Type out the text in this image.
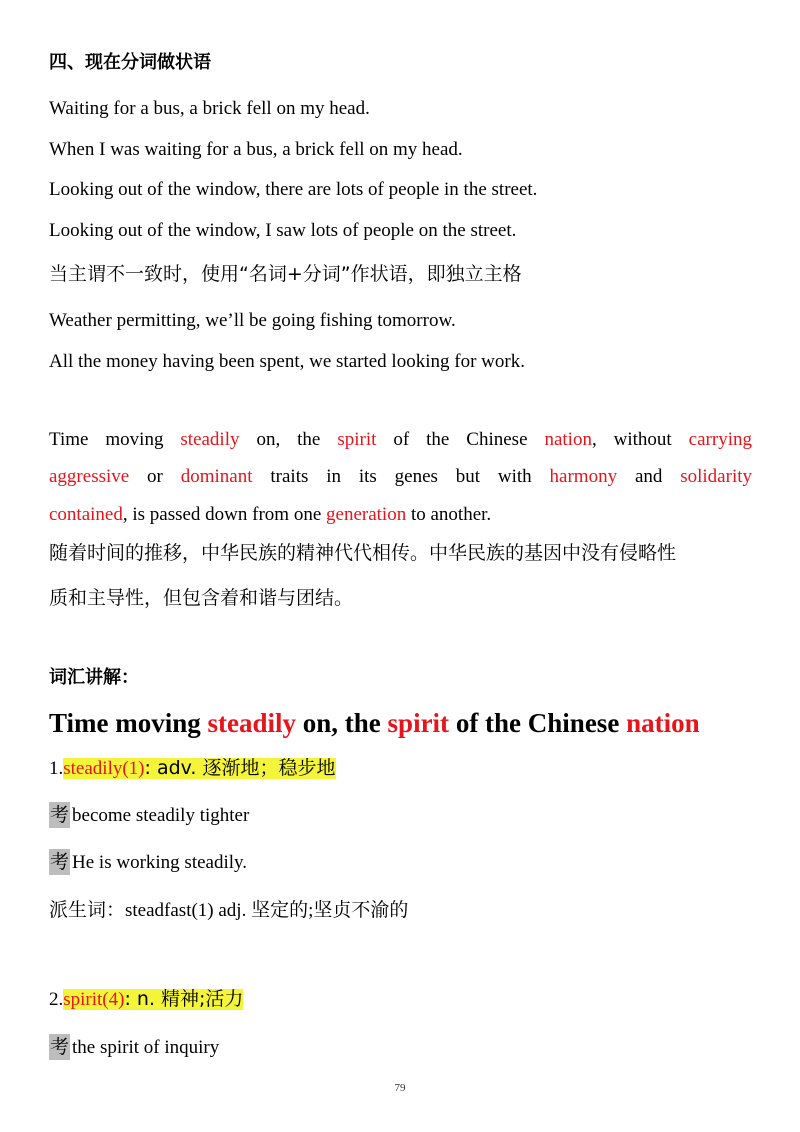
四、现在分词做状语
Waiting for a bus, a brick fell on my head.
When I was waiting for a bus, a brick fell on my head.
Looking out of the window, there are lots of people in the street.
Looking out of the window, I saw lots of people on the street.
当主谓不一致时，使用“名词+分词”作状语，即独立主格
Weather permitting, we’ll be going fishing tomorrow.
All the money having been spent, we started looking for work.
Time moving steadily on, the spirit of the Chinese nation, without carrying
aggressive or dominant traits in its genes but with harmony and solidarity
contained, is passed down from one generation to another.
随着时间的推移，中华民族的精神代代相传。中华民族的基因中没有侵略性
质和主导性，但包含着和谐与团结。
词汇讲解：
Time moving steadily on, the spirit of the Chinese nation
1.steadily(1): adv. 逐渐地；稳步地
考 become steadily tighter
考 He is working steadily.
派生词：steadfast(1) adj. 坚定的;坚贞不渝的
2.spirit(4): n. 精神;活力
考 the spirit of inquiry
79
